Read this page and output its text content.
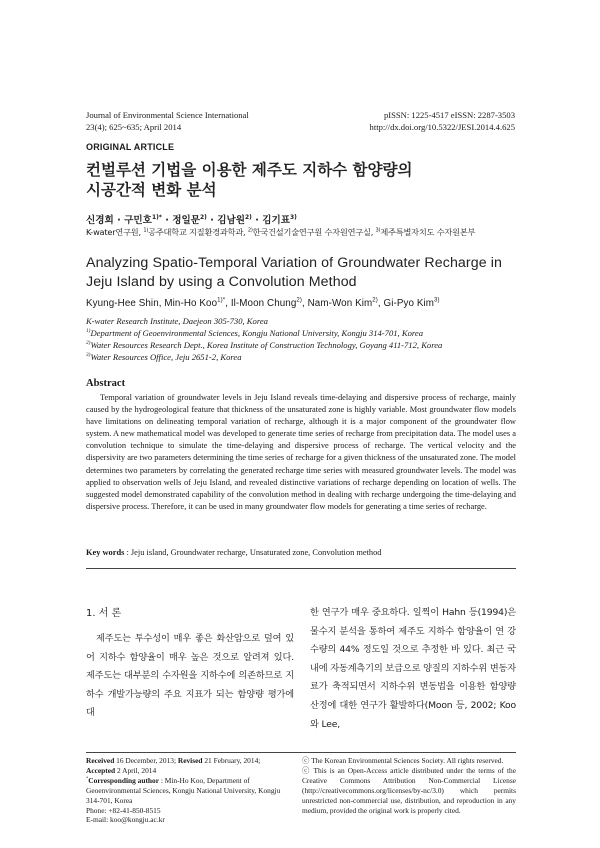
Journal of Environmental Science International
23(4); 625~635; April 2014
pISSN: 1225-4517 eISSN: 2287-3503
http://dx.doi.org/10.5322/JESI.2014.4.625
ORIGINAL ARTICLE
컨벌루션 기법을 이용한 제주도 지하수 함양량의
시공간적 변화 분석
신경희 · 구민호$^{1)*}$ · 정일문$^{2)}$ · 김남원$^{2)}$ · 김기표$^{3)}$
K-water연구원, $^{1)}$공주대학교 지질환경과학과, $^{2)}$한국건설기술연구원 수자원연구실, $^{3)}$제주특별자치도 수자원본부
Analyzing Spatio-Temporal Variation of Groundwater Recharge in
Jeju Island by using a Convolution Method
Kyung-Hee Shin, Min-Ho Koo$^{1)*}$, Il-Moon Chung$^{2)}$, Nam-Won Kim$^{2)}$, Gi-Pyo Kim$^{3)}$
K-water Research Institute, Daejeon 305-730, Korea
$^{1)}$Department of Geoenvironmental Sciences, Kongju National University, Kongju 314-701, Korea
$^{2)}$Water Resources Research Dept., Korea Institute of Construction Technology, Goyang 411-712, Korea
$^{3)}$Water Resources Office, Jeju 2651-2, Korea
Abstract
Temporal variation of groundwater levels in Jeju Island reveals time-delaying and dispersive process of recharge, mainly caused by the hydrogeological feature that thickness of the unsaturated zone is highly variable. Most groundwater flow models have limitations on delineating temporal variation of recharge, although it is a major component of the groundwater flow system. A new mathematical model was developed to generate time series of recharge from precipitation data. The model uses a convolution technique to simulate the time-delaying and dispersive process of recharge. The vertical velocity and the dispersivity are two parameters determining the time series of recharge for a given thickness of the unsaturated zone. The model determines two parameters by correlating the generated recharge time series with measured groundwater levels. The model was applied to observation wells of Jeju Island, and revealed distinctive variations of recharge depending on location of wells. The suggested model demonstrated capability of the convolution method in dealing with recharge undergoing the time-delaying and dispersive process. Therefore, it can be used in many groundwater flow models for generating a time series of recharge.
Key words : Jeju island, Groundwater recharge, Unsaturated zone, Convolution method
1. 서 론
제주도는 투수성이 매우 좋은 화산암으로 덮여 있어 지하수 함양율이 매우 높은 것으로 알려져 있다. 제주도는 대부분의 수자원을 지하수에 의존하므로 지하수 개발가능량의 주요 지표가 되는 함양량 평가에 대
한 연구가 매우 중요하다. 일찍이 Hahn 등(1994)은 물수지 분석을 통하여 제주도 지하수 함양율이 연 강수량의 44% 정도일 것으로 추정한 바 있다. 최근 국내에 자동계측기의 보급으로 양질의 지하수위 변동자료가 축적되면서 지하수위 변동법을 이용한 함양량 산정에 대한 연구가 활발하다(Moon 등, 2002; Koo와 Lee,
Received 16 December, 2013; Revised 21 February, 2014;
Accepted 2 April, 2014
*Corresponding author : Min-Ho Koo, Department of Geoenvironmental Sciences, Kongju National University, Kongju 314-701, Korea
Phone: +82-41-850-8515
E-mail: koo@kongju.ac.kr
ⓒ The Korean Environmental Sciences Society. All rights reserved.
ⓒ This is an Open-Access article distributed under the terms of the Creative Commons Attribution Non-Commercial License (http://creativecommons.org/licenses/by-nc/3.0) which permits unrestricted non-commercial use, distribution, and reproduction in any medium, provided the original work is properly cited.
